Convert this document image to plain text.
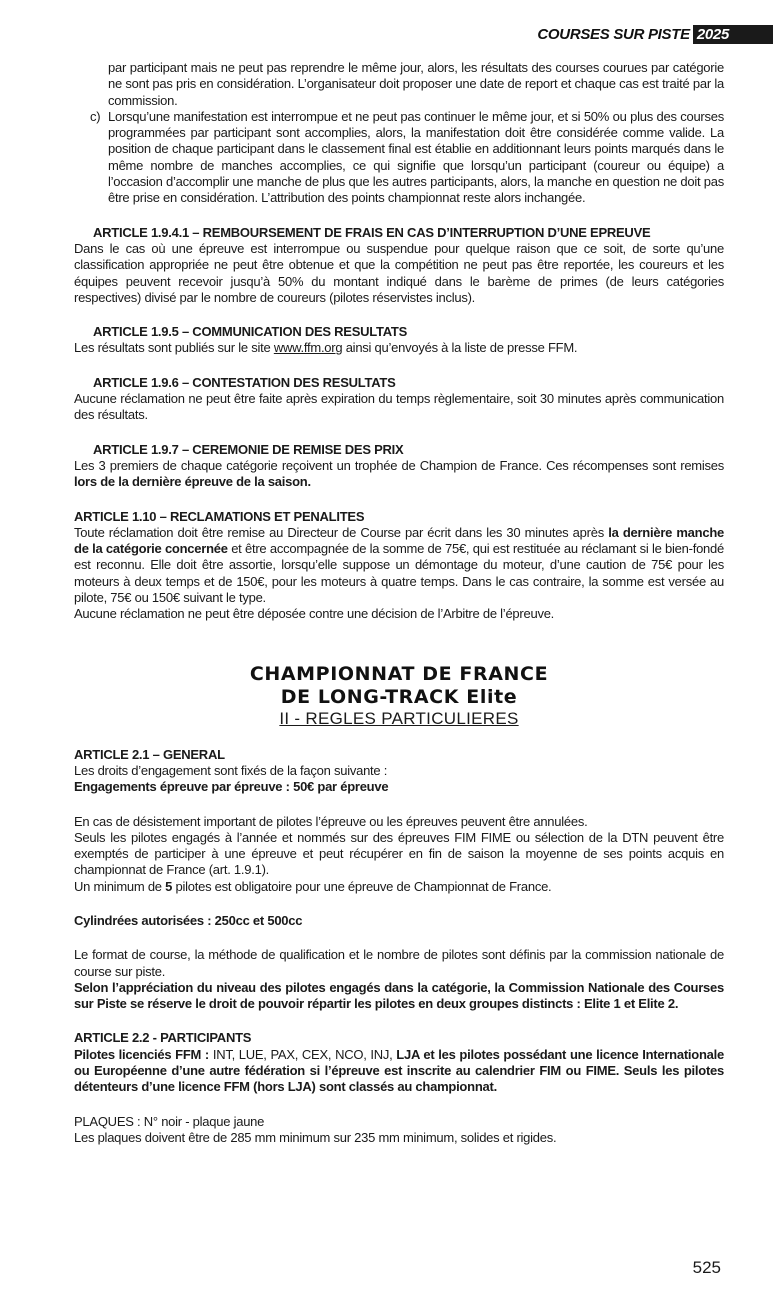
COURSES SUR PISTE 2025

par participant mais ne peut pas reprendre le même jour, alors, les résultats des courses courues par catégorie ne sont pas pris en considération. L’organisateur doit proposer une date de report et chaque cas est traité par la commission.

c) Lorsqu’une manifestation est interrompue et ne peut pas continuer le même jour, et si 50% ou plus des courses programmées par participant sont accomplies, alors, la manifestation doit être considérée comme valide. La position de chaque participant dans le classement final est établie en additionnant leurs points marqués dans le même nombre de manches accomplies, ce qui signifie que lorsqu’un participant (coureur ou équipe) a l’occasion d’accomplir une manche de plus que les autres participants, alors, la manche en question ne doit pas être prise en considération. L’attribution des points championnat reste alors inchangée.

ARTICLE 1.9.4.1 – REMBOURSEMENT DE FRAIS EN CAS D’INTERRUPTION D’UNE EPREUVE

Dans le cas où une épreuve est interrompue ou suspendue pour quelque raison que ce soit, de sorte qu’une classification appropriée ne peut être obtenue et que la compétition ne peut pas être reportée, les coureurs et les équipes peuvent recevoir jusqu’à 50% du montant indiqué dans le barème de primes (de leurs catégories respectives) divisé par le nombre de coureurs (pilotes réservistes inclus).

ARTICLE 1.9.5 – COMMUNICATION DES RESULTATS

Les résultats sont publiés sur le site www.ffm.org ainsi qu’envoyés à la liste de presse FFM.

ARTICLE 1.9.6 – CONTESTATION DES RESULTATS

Aucune réclamation ne peut être faite après expiration du temps règlementaire, soit 30 minutes après communication des résultats.

ARTICLE 1.9.7 – CEREMONIE DE REMISE DES PRIX

Les 3 premiers de chaque catégorie reçoivent un trophée de Champion de France. Ces récompenses sont remises lors de la dernière épreuve de la saison.

ARTICLE 1.10 – RECLAMATIONS ET PENALITES

Toute réclamation doit être remise au Directeur de Course par écrit dans les 30 minutes après la dernière manche de la catégorie concernée et être accompagnée de la somme de 75€, qui est restituée au réclamant si le bien-fondé est reconnu. Elle doit être assortie, lorsqu’elle suppose un démontage du moteur, d’une caution de 75€ pour les moteurs à deux temps et de 150€, pour les moteurs à quatre temps. Dans le cas contraire, la somme est versée au pilote, 75€ ou 150€ suivant le type.

Aucune réclamation ne peut être déposée contre une décision de l’Arbitre de l’épreuve.

CHAMPIONNAT DE FRANCE
DE LONG-TRACK Elite
II - REGLES PARTICULIERES

ARTICLE 2.1 – GENERAL

Les droits d’engagement sont fixés de la façon suivante :

Engagements épreuve par épreuve : 50€ par épreuve

En cas de désistement important de pilotes l’épreuve ou les épreuves peuvent être annulées.

Seuls les pilotes engagés à l’année et nommés sur des épreuves FIM FIME ou sélection de la DTN peuvent être exemptés de participer à une épreuve et peut récupérer en fin de saison la moyenne de ses points acquis en championnat de France (art. 1.9.1).

Un minimum de 5 pilotes est obligatoire pour une épreuve de Championnat de France.

Cylindrées autorisées : 250cc et 500cc

Le format de course, la méthode de qualification et le nombre de pilotes sont définis par la commission nationale de course sur piste.

Selon l’appréciation du niveau des pilotes engagés dans la catégorie, la Commission Nationale des Courses sur Piste se réserve le droit de pouvoir répartir les pilotes en deux groupes distincts : Elite 1 et Elite 2.

ARTICLE 2.2 - PARTICIPANTS

Pilotes licenciés FFM : INT, LUE, PAX, CEX, NCO, INJ, LJA et les pilotes possédant une licence Internationale ou Européenne d’une autre fédération si l’épreuve est inscrite au calendrier FIM ou FIME. Seuls les pilotes détenteurs d’une licence FFM (hors LJA) sont classés au championnat.

PLAQUES : N° noir - plaque jaune

Les plaques doivent être de 285 mm minimum sur 235 mm minimum, solides et rigides.

525
